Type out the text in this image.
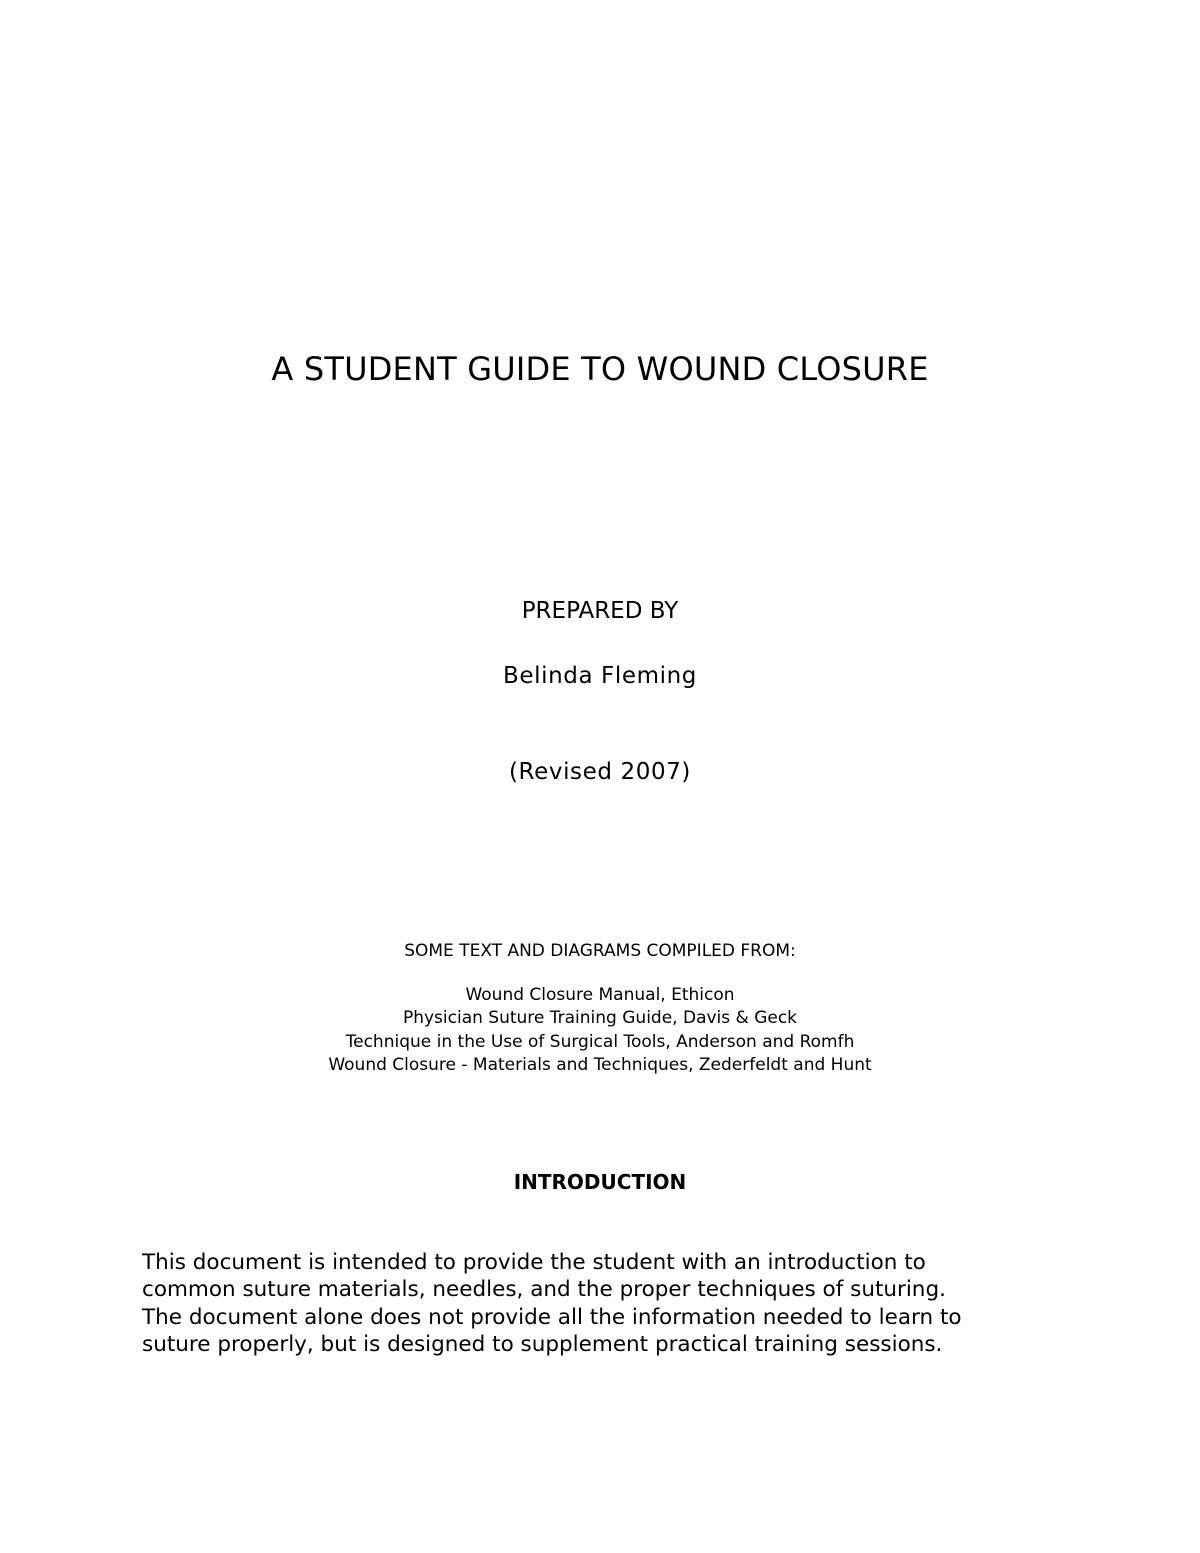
A STUDENT GUIDE TO WOUND CLOSURE
PREPARED BY
Belinda Fleming
(Revised 2007)
SOME TEXT AND DIAGRAMS COMPILED FROM:
Wound Closure Manual, Ethicon
Physician Suture Training Guide, Davis & Geck
Technique in the Use of Surgical Tools, Anderson and Romfh
Wound Closure - Materials and Techniques, Zederfeldt and Hunt
INTRODUCTION

This document is intended to provide the student with an introduction to
common suture materials, needles, and the proper techniques of suturing.
The document alone does not provide all the information needed to learn to
suture properly, but is designed to supplement practical training sessions.
